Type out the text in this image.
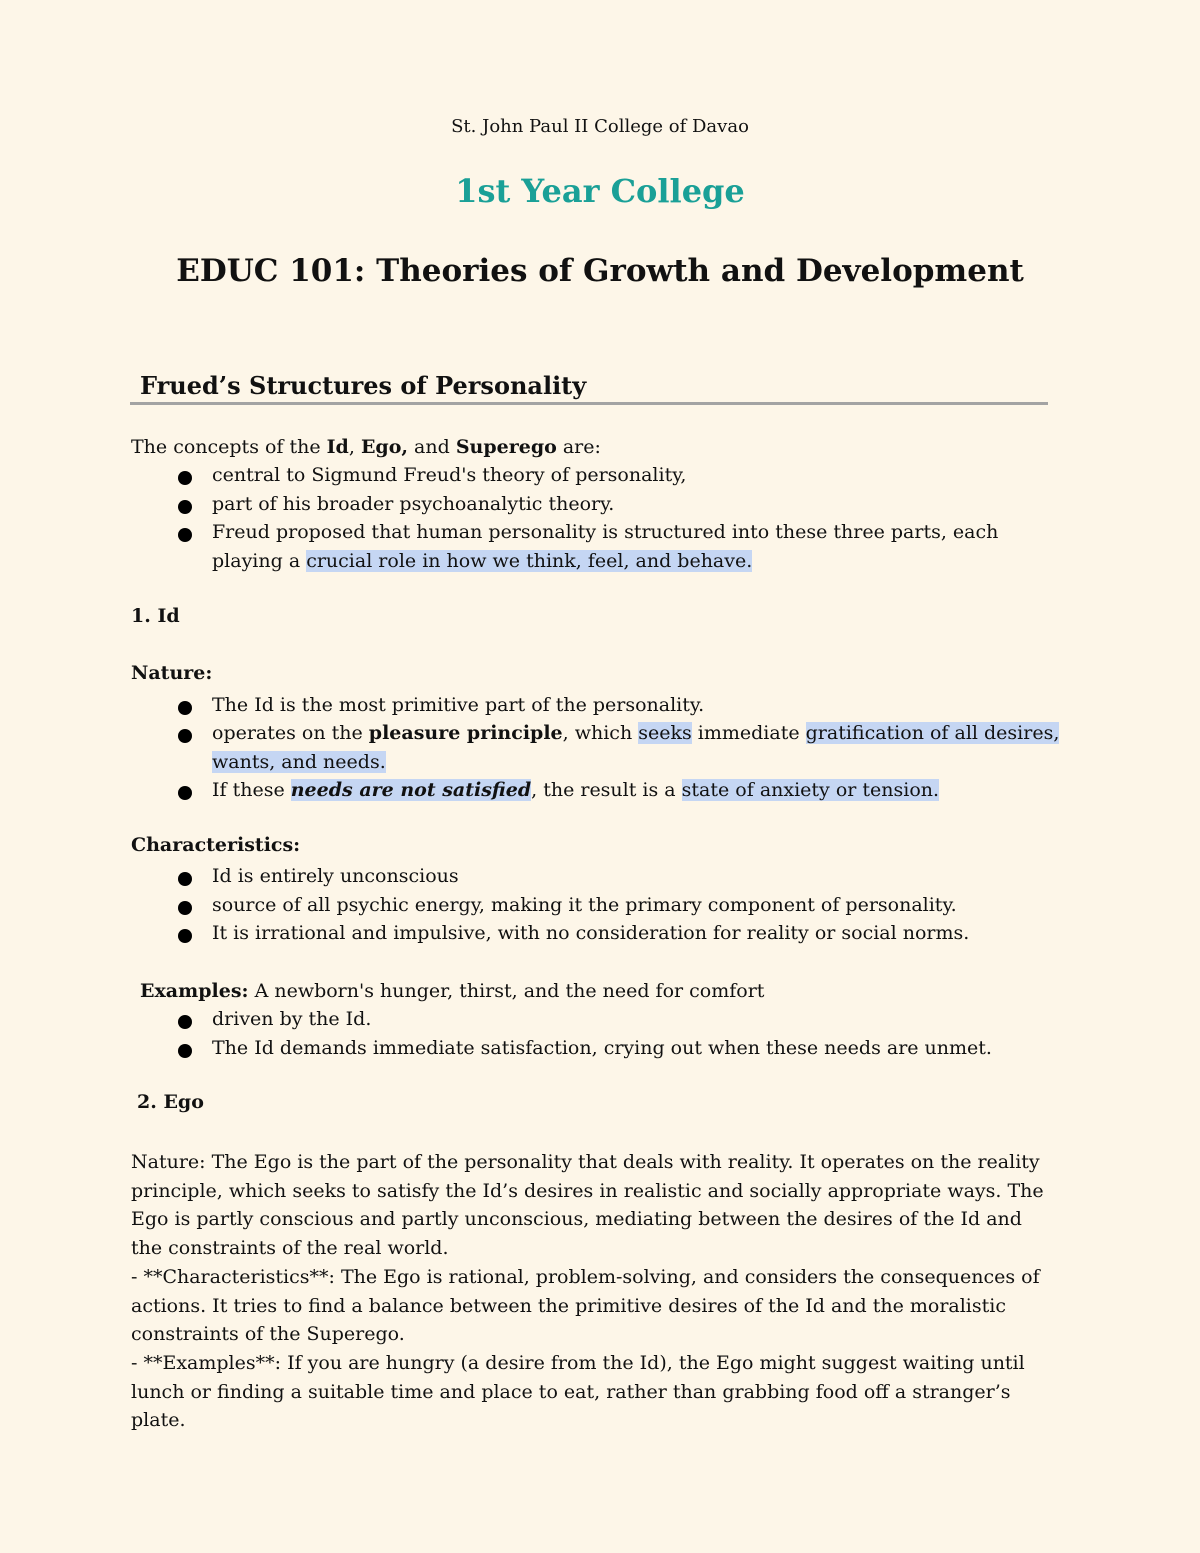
St. John Paul II College of Davao

1st Year College

EDUC 101: Theories of Growth and Development

Frued’s Structures of Personality

The concepts of the Id, Ego, and Superego are:

central to Sigmund Freud's theory of personality,

part of his broader psychoanalytic theory.

Freud proposed that human personality is structured into these three parts, each

playing a crucial role in how we think, feel, and behave.

1. Id

Nature:

The Id is the most primitive part of the personality.

operates on the pleasure principle, which seeks immediate gratification of all desires,

wants, and needs.

If these needs are not satisfied, the result is a state of anxiety or tension.

Characteristics:

Id is entirely unconscious

source of all psychic energy, making it the primary component of personality.

It is irrational and impulsive, with no consideration for reality or social norms.

Examples: A newborn's hunger, thirst, and the need for comfort

driven by the Id.

The Id demands immediate satisfaction, crying out when these needs are unmet.

2. Ego

Nature: The Ego is the part of the personality that deals with reality. It operates on the reality principle, which seeks to satisfy the Id’s desires in realistic and socially appropriate ways. The Ego is partly conscious and partly unconscious, mediating between the desires of the Id and the constraints of the real world.

- **Characteristics**: The Ego is rational, problem-solving, and considers the consequences of actions. It tries to find a balance between the primitive desires of the Id and the moralistic constraints of the Superego.

- **Examples**: If you are hungry (a desire from the Id), the Ego might suggest waiting until lunch or finding a suitable time and place to eat, rather than grabbing food off a stranger’s plate.
